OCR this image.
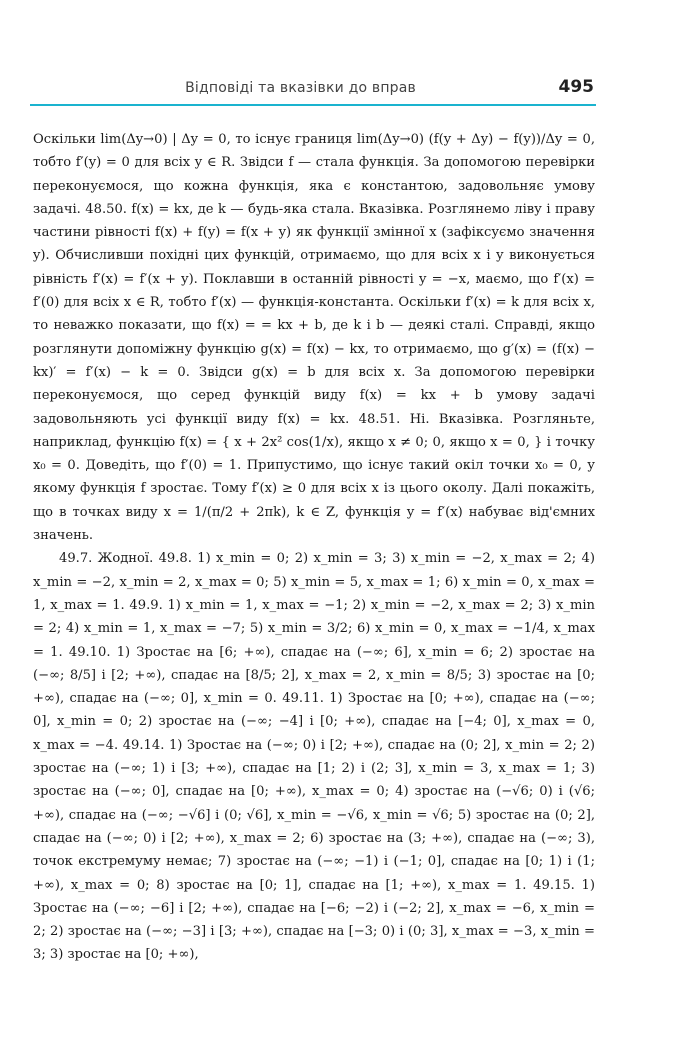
Відповіді та вказівки до вправ	495

Оскільки lim(Δy→0) | Δy = 0, то існує границя lim(Δy→0) (f(y + Δy) − f(y))/Δy = 0, тобто f′(y) = 0 для всіх y ∈ R. Звідси f — стала функція. За допомогою перевірки переконуємося, що кожна функція, яка є константою, задовольняє умову задачі. 48.50. f(x) = kx, де k — будь-яка стала. Вказівка. Розглянемо ліву і праву частини рівності f(x) + f(y) = f(x + y) як функції змінної x (зафіксуємо значення y). Обчисливши похідні цих функцій, отримаємо, що для всіх x і y виконується рівність f′(x) = f′(x + y). Поклавши в останній рівності y = −x, маємо, що f′(x) = f′(0) для всіх x ∈ R, тобто f′(x) — функція-константа. Оскільки f′(x) = k для всіх x, то неважко показати, що f(x) = = kx + b, де k і b — деякі сталі. Справді, якщо розглянути допоміжну функцію g(x) = f(x) − kx, то отримаємо, що g′(x) = (f(x) − kx)′ = f′(x) − k = 0. Звідси g(x) = b для всіх x. За допомогою перевірки переконуємося, що серед функцій виду f(x) = kx + b умову задачі задовольняють усі функції виду f(x) = kx. 48.51. Ні. Вказівка. Розгляньте, наприклад, функцію f(x) = { x + 2x² cos(1/x), якщо x ≠ 0; 0, якщо x = 0, } і точку x₀ = 0. Доведіть, що f′(0) = 1. Припустимо, що існує такий окіл точки x₀ = 0, у якому функція f зростає. Тому f′(x) ≥ 0 для всіх x із цього околу. Далі покажіть, що в точках виду x = 1/(π/2 + 2πk), k ∈ Z, функція y = f′(x) набуває від'ємних значень.

49.7. Жодної. 49.8. 1) x_min = 0; 2) x_min = 3; 3) x_min = −2, x_max = 2; 4) x_min = −2, x_min = 2, x_max = 0; 5) x_min = 5, x_max = 1; 6) x_min = 0, x_max = 1, x_max = 1. 49.9. 1) x_min = 1, x_max = −1; 2) x_min = −2, x_max = 2; 3) x_min = 2; 4) x_min = 1, x_max = −7; 5) x_min = 3/2; 6) x_min = 0, x_max = −1/4, x_max = 1. 49.10. 1) Зростає на [6; +∞), спадає на (−∞; 6], x_min = 6; 2) зростає на (−∞; 8/5] і [2; +∞), спадає на [8/5; 2], x_max = 2, x_min = 8/5; 3) зростає на [0; +∞), спадає на (−∞; 0], x_min = 0. 49.11. 1) Зростає на [0; +∞), спадає на (−∞; 0], x_min = 0; 2) зростає на (−∞; −4] і [0; +∞), спадає на [−4; 0], x_max = 0, x_max = −4. 49.14. 1) Зростає на (−∞; 0) і [2; +∞), спадає на (0; 2], x_min = 2; 2) зростає на (−∞; 1) і [3; +∞), спадає на [1; 2) і (2; 3], x_min = 3, x_max = 1; 3) зростає на (−∞; 0], спадає на [0; +∞), x_max = 0; 4) зростає на (−√6; 0) і (√6; +∞), спадає на (−∞; −√6] і (0; √6], x_min = −√6, x_min = √6; 5) зростає на (0; 2], спадає на (−∞; 0) і [2; +∞), x_max = 2; 6) зростає на (3; +∞), спадає на (−∞; 3), точок екстремуму немає; 7) зростає на (−∞; −1) і (−1; 0], спадає на [0; 1) і (1; +∞), x_max = 0; 8) зростає на [0; 1], спадає на [1; +∞), x_max = 1. 49.15. 1) Зростає на (−∞; −6] і [2; +∞), спадає на [−6; −2) і (−2; 2], x_max = −6, x_min = 2; 2) зростає на (−∞; −3] і [3; +∞), спадає на [−3; 0) і (0; 3], x_max = −3, x_min = 3; 3) зростає на [0; +∞),
